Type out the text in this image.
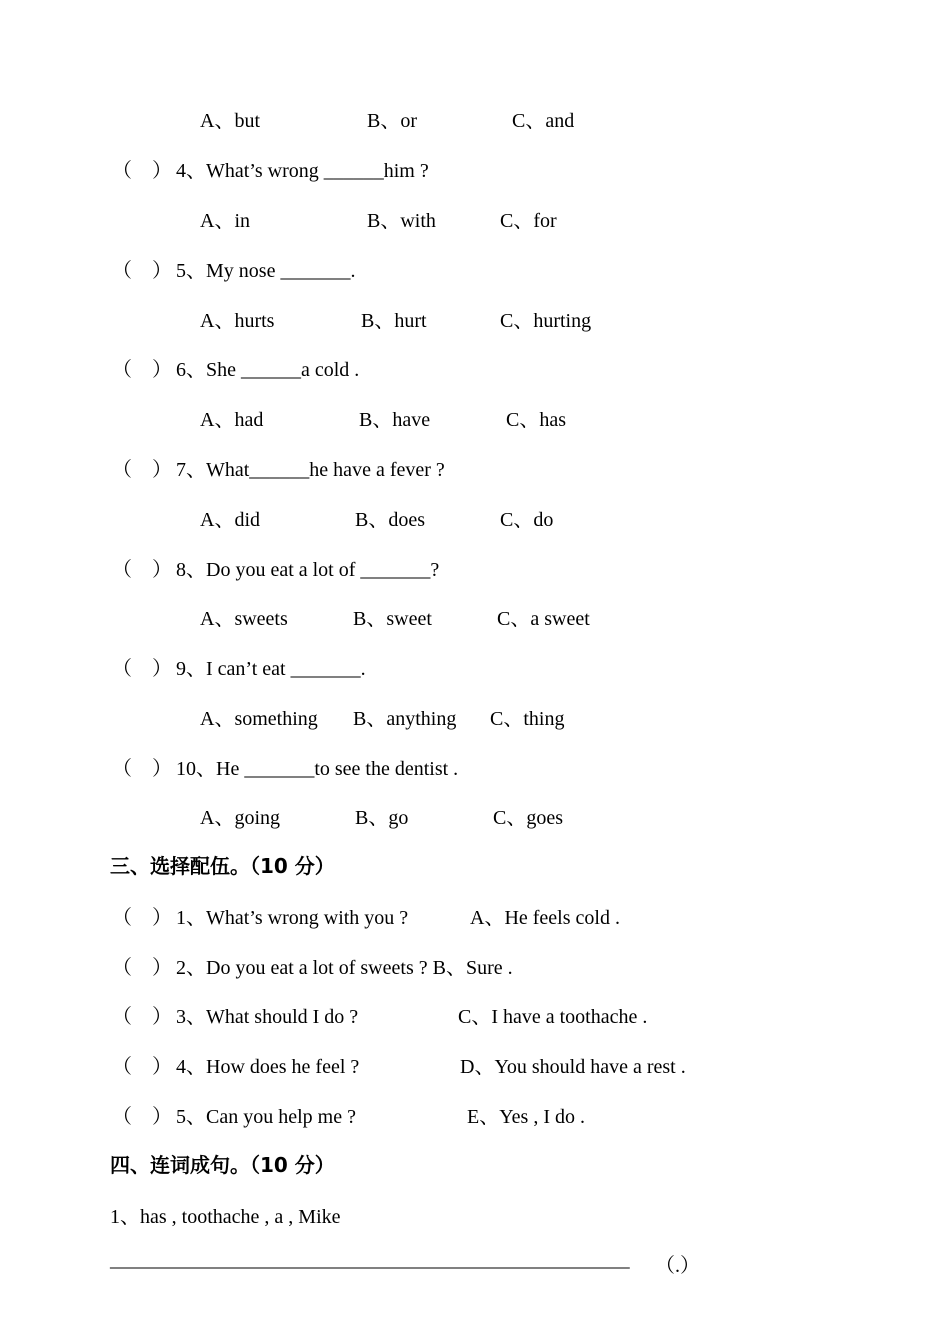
A、but	B、or	C、and
（    ） 4、What’s wrong ______him ?
A、in	B、with	C、for
（    ） 5、My nose _______.
A、hurts	B、hurt	C、hurting
（    ） 6、She ______a cold .
A、had	B、have	C、has
（    ） 7、What______he have a fever ?
A、did	B、does	C、do
（    ） 8、Do you eat a lot of _______?
A、sweets	B、sweet	C、a sweet
（    ） 9、I can’t eat _______.
A、something B、anything C、thing
（    ） 10、He _______to see the dentist .
A、going	B、go	C、goes
三、选择配伍。（10 分）
（    ） 1、What’s wrong with you ?	A、He feels cold .
（    ） 2、Do you eat a lot of sweets ? B、Sure .
（    ） 3、What should I do ?	C、I have a toothache .
（    ） 4、How does he feel ?	D、You should have a rest .
（    ） 5、Can you help me ?	E、Yes , I do .
四、连词成句。（10 分）
1、has , toothache , a , Mike
_____________________________________________________ （.）
